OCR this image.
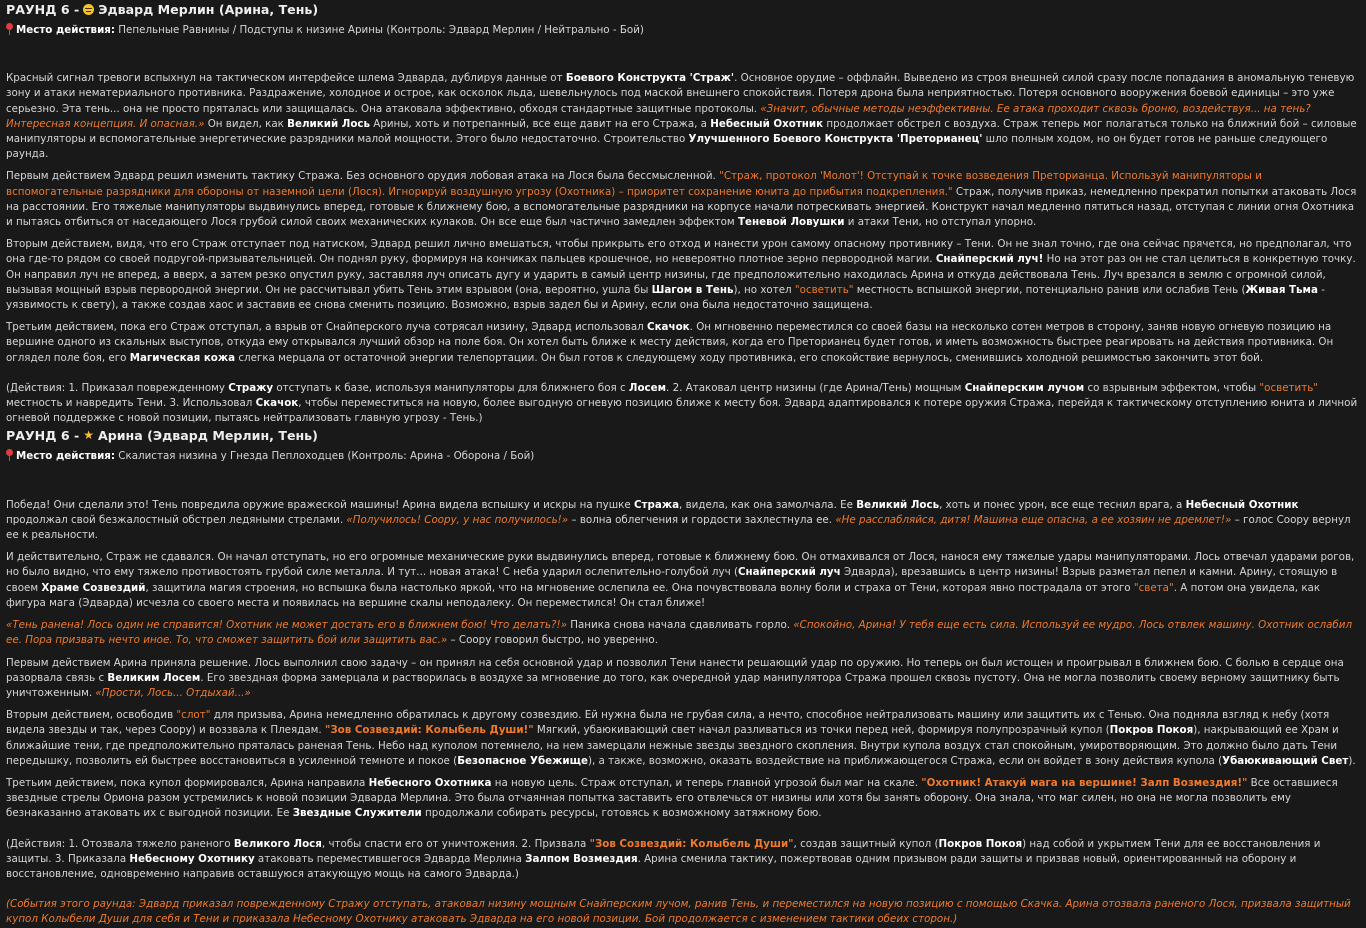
РАУНД 6 - Эдвард Мерлин (Арина, Тень)
Место действия: Пепельные Равнины / Подступы к низине Арины (Контроль: Эдвард Мерлин / Нейтрально - Бой)

Красный сигнал тревоги вспыхнул на тактическом интерфейсе шлема Эдварда, дублируя данные от Боевого Конструкта 'Страж'. Основное орудие – оффлайн. Выведено из строя внешней силой сразу после попадания в аномальную теневую зону и атаки нематериального противника. Раздражение, холодное и острое, как осколок льда, шевельнулось под маской внешнего спокойствия. Потеря дрона была неприятностью. Потеря основного вооружения боевой единицы – это уже серьезно. Эта тень... она не просто пряталась или защищалась. Она атаковала эффективно, обходя стандартные защитные протоколы. «Значит, обычные методы неэффективны. Ее атака проходит сквозь броню, воздействуя... на тень? Интересная концепция. И опасная.» Он видел, как Великий Лось Арины, хоть и потрепанный, все еще давит на его Стража, а Небесный Охотник продолжает обстрел с воздуха. Страж теперь мог полагаться только на ближний бой – силовые манипуляторы и вспомогательные энергетические разрядники малой мощности. Этого было недостаточно. Строительство Улучшенного Боевого Конструкта 'Преторианец' шло полным ходом, но он будет готов не раньше следующего раунда.

Первым действием Эдвард решил изменить тактику Стража. Без основного орудия лобовая атака на Лося была бессмысленной. "Страж, протокол 'Молот'! Отступай к точке возведения Преторианца. Используй манипуляторы и вспомогательные разрядники для обороны от наземной цели (Лося). Игнорируй воздушную угрозу (Охотника) – приоритет сохранение юнита до прибытия подкрепления." Страж, получив приказ, немедленно прекратил попытки атаковать Лося на расстоянии. Его тяжелые манипуляторы выдвинулись вперед, готовые к ближнему бою, а вспомогательные разрядники на корпусе начали потрескивать энергией. Конструкт начал медленно пятиться назад, отступая с линии огня Охотника и пытаясь отбиться от наседающего Лося грубой силой своих механических кулаков. Он все еще был частично замедлен эффектом Теневой Ловушки и атаки Тени, но отступал упорно.

Вторым действием, видя, что его Страж отступает под натиском, Эдвард решил лично вмешаться, чтобы прикрыть его отход и нанести урон самому опасному противнику – Тени. Он не знал точно, где она сейчас прячется, но предполагал, что она где-то рядом со своей подругой-призывательницей. Он поднял руку, формируя на кончиках пальцев крошечное, но невероятно плотное зерно первородной магии. Снайперский луч! Но на этот раз он не стал целиться в конкретную точку. Он направил луч не вперед, а вверх, а затем резко опустил руку, заставляя луч описать дугу и ударить в самый центр низины, где предположительно находилась Арина и откуда действовала Тень. Луч врезался в землю с огромной силой, вызывая мощный взрыв первородной энергии. Он не рассчитывал убить Тень этим взрывом (она, вероятно, ушла бы Шагом в Тень), но хотел "осветить" местность вспышкой энергии, потенциально ранив или ослабив Тень (Живая Тьма - уязвимость к свету), а также создав хаос и заставив ее снова сменить позицию. Возможно, взрыв задел бы и Арину, если она была недостаточно защищена.

Третьим действием, пока его Страж отступал, а взрыв от Снайперского луча сотрясал низину, Эдвард использовал Скачок. Он мгновенно переместился со своей базы на несколько сотен метров в сторону, заняв новую огневую позицию на вершине одного из скальных выступов, откуда ему открывался лучший обзор на поле боя. Он хотел быть ближе к месту действия, когда его Преторианец будет готов, и иметь возможность быстрее реагировать на действия противника. Он оглядел поле боя, его Магическая кожа слегка мерцала от остаточной энергии телепортации. Он был готов к следующему ходу противника, его спокойствие вернулось, сменившись холодной решимостью закончить этот бой.

(Действия: 1. Приказал поврежденному Стражу отступать к базе, используя манипуляторы для ближнего боя с Лосем. 2. Атаковал центр низины (где Арина/Тень) мощным Снайперским лучом со взрывным эффектом, чтобы "осветить" местность и навредить Тени. 3. Использовал Скачок, чтобы переместиться на новую, более выгодную огневую позицию ближе к месту боя. Эдвард адаптировался к потере оружия Стража, перейдя к тактическому отступлению юнита и личной огневой поддержке с новой позиции, пытаясь нейтрализовать главную угрозу - Тень.)

РАУНД 6 - ★ Арина (Эдвард Мерлин, Тень)
Место действия: Скалистая низина у Гнезда Пеплоходцев (Контроль: Арина - Оборона / Бой)

Победа! Они сделали это! Тень повредила оружие вражеской машины! Арина видела вспышку и искры на пушке Стража, видела, как она замолчала. Ее Великий Лось, хоть и понес урон, все еще теснил врага, а Небесный Охотник продолжал свой безжалостный обстрел ледяными стрелами. «Получилось! Соору, у нас получилось!» – волна облегчения и гордости захлестнула ее. «Не расслабляйся, дитя! Машина еще опасна, а ее хозяин не дремлет!» – голос Соору вернул ее к реальности.

И действительно, Страж не сдавался. Он начал отступать, но его огромные механические руки выдвинулись вперед, готовые к ближнему бою. Он отмахивался от Лося, нанося ему тяжелые удары манипуляторами. Лось отвечал ударами рогов, но было видно, что ему тяжело противостоять грубой силе металла. И тут... новая атака! С неба ударил ослепительно-голубой луч (Снайперский луч Эдварда), врезавшись в центр низины! Взрыв разметал пепел и камни. Арину, стоящую в своем Храме Созвездий, защитила магия строения, но вспышка была настолько яркой, что на мгновение ослепила ее. Она почувствовала волну боли и страха от Тени, которая явно пострадала от этого "света". А потом она увидела, как фигура мага (Эдварда) исчезла со своего места и появилась на вершине скалы неподалеку. Он переместился! Он стал ближе!

«Тень ранена! Лось один не справится! Охотник не может достать его в ближнем бою! Что делать?!» Паника снова начала сдавливать горло. «Спокойно, Арина! У тебя еще есть сила. Используй ее мудро. Лось отвлек машину. Охотник ослабил ее. Пора призвать нечто иное. То, что сможет защитить бой или защитить вас.» – Соору говорил быстро, но уверенно.

Первым действием Арина приняла решение. Лось выполнил свою задачу – он принял на себя основной удар и позволил Тени нанести решающий удар по оружию. Но теперь он был истощен и проигрывал в ближнем бою. С болью в сердце она разорвала связь с Великим Лосем. Его звездная форма замерцала и растворилась в воздухе за мгновение до того, как очередной удар манипулятора Стража прошел сквозь пустоту. Она не могла позволить своему верному защитнику быть уничтоженным. «Прости, Лось... Отдыхай...»

Вторым действием, освободив "слот" для призыва, Арина немедленно обратилась к другому созвездию. Ей нужна была не грубая сила, а нечто, способное нейтрализовать машину или защитить их с Тенью. Она подняла взгляд к небу (хотя видела звезды и так, через Соору) и воззвала к Плеядам. "Зов Созвездий: Колыбель Души!" Мягкий, убаюкивающий свет начал разливаться из точки перед ней, формируя полупрозрачный купол (Покров Покоя), накрывающий ее Храм и ближайшие тени, где предположительно пряталась раненая Тень. Небо над куполом потемнело, на нем замерцали нежные звезды звездного скопления. Внутри купола воздух стал спокойным, умиротворяющим. Это должно было дать Тени передышку, позволить ей быстрее восстановиться в усиленной темноте и покое (Безопасное Убежище), а также, возможно, оказать воздействие на приближающегося Стража, если он войдет в зону действия купола (Убаюкивающий Свет).

Третьим действием, пока купол формировался, Арина направила Небесного Охотника на новую цель. Страж отступал, и теперь главной угрозой был маг на скале. "Охотник! Атакуй мага на вершине! Залп Возмездия!" Все оставшиеся звездные стрелы Ориона разом устремились к новой позиции Эдварда Мерлина. Это была отчаянная попытка заставить его отвлечься от низины или хотя бы занять оборону. Она знала, что маг силен, но она не могла позволить ему безнаказанно атаковать их с выгодной позиции. Ее Звездные Служители продолжали собирать ресурсы, готовясь к возможному затяжному бою.

(Действия: 1. Отозвала тяжело раненого Великого Лося, чтобы спасти его от уничтожения. 2. Призвала "Зов Созвездий: Колыбель Души", создав защитный купол (Покров Покоя) над собой и укрытием Тени для ее восстановления и защиты. 3. Приказала Небесному Охотнику атаковать переместившегося Эдварда Мерлина Залпом Возмездия. Арина сменила тактику, пожертвовав одним призывом ради защиты и призвав новый, ориентированный на оборону и восстановление, одновременно направив оставшуюся атакующую мощь на самого Эдварда.)

(События этого раунда: Эдвард приказал поврежденному Стражу отступать, атаковал низину мощным Снайперским лучом, ранив Тень, и переместился на новую позицию с помощью Скачка. Арина отозвала раненого Лося, призвала защитный купол Колыбели Души для себя и Тени и приказала Небесному Охотнику атаковать Эдварда на его новой позиции. Бой продолжается с изменением тактики обеих сторон.)
